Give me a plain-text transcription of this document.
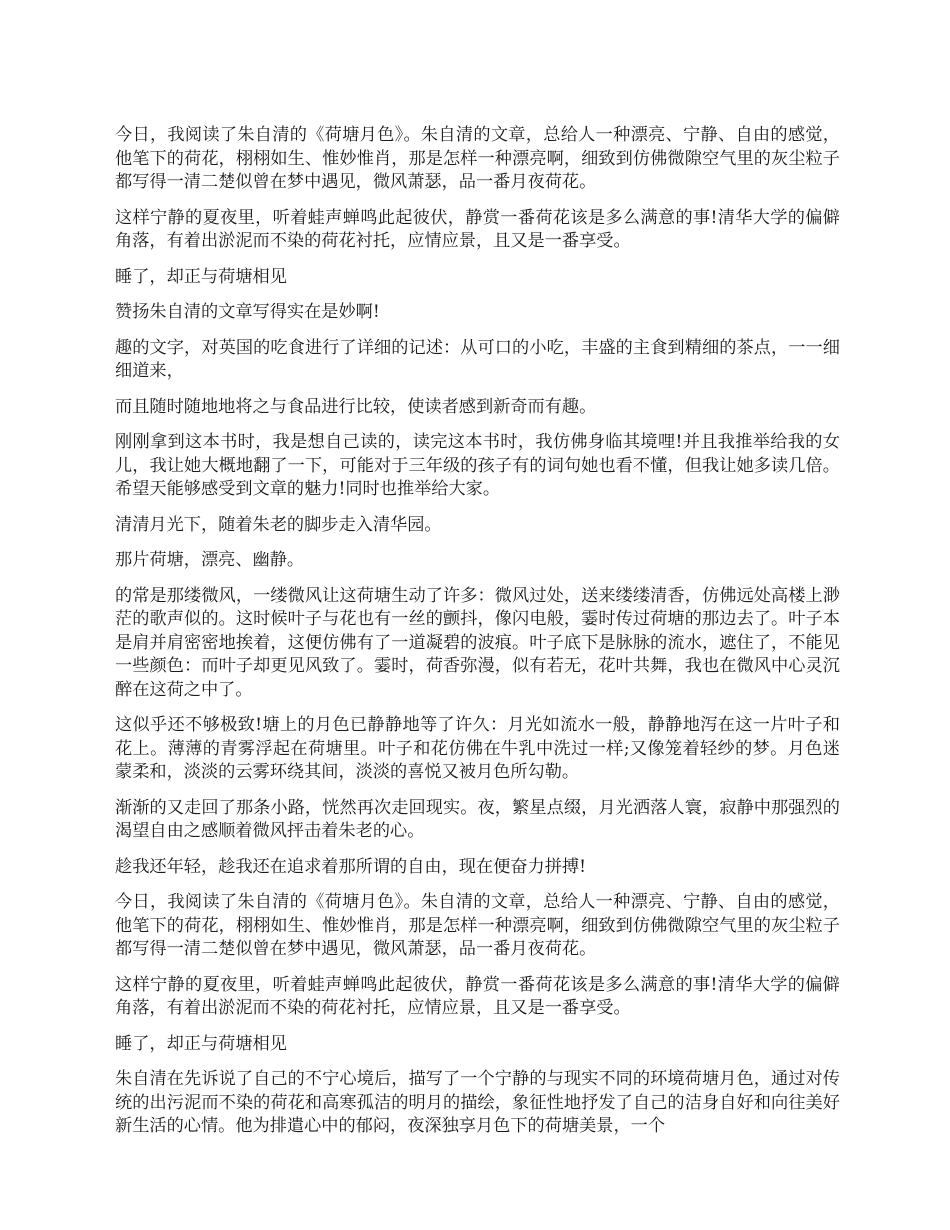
今日，我阅读了朱自清的《荷塘月色》。朱自清的文章，总给人一种漂亮、宁静、自由的感觉，他笔下的荷花，栩栩如生、惟妙惟肖，那是怎样一种漂亮啊，细致到仿佛微隙空气里的灰尘粒子都写得一清二楚似曾在梦中遇见，微风萧瑟，品一番月夜荷花。

这样宁静的夏夜里，听着蛙声蝉鸣此起彼伏，静赏一番荷花该是多么满意的事!清华大学的偏僻角落，有着出淤泥而不染的荷花衬托，应情应景，且又是一番享受。

睡了，却正与荷塘相见

赞扬朱自清的文章写得实在是妙啊!

趣的文字，对英国的吃食进行了详细的记述：从可口的小吃，丰盛的主食到精细的茶点，一一细细道来，

而且随时随地地将之与食品进行比较，使读者感到新奇而有趣。

刚刚拿到这本书时，我是想自己读的，读完这本书时，我仿佛身临其境哩!并且我推举给我的女儿，我让她大概地翻了一下，可能对于三年级的孩子有的词句她也看不懂，但我让她多读几倍。希望天能够感受到文章的魅力!同时也推举给大家。

清清月光下，随着朱老的脚步走入清华园。

那片荷塘，漂亮、幽静。

的常是那缕微风，一缕微风让这荷塘生动了许多：微风过处，送来缕缕清香，仿佛远处高楼上渺茫的歌声似的。这时候叶子与花也有一丝的颤抖，像闪电般，霎时传过荷塘的那边去了。叶子本是肩并肩密密地挨着，这便仿佛有了一道凝碧的波痕。叶子底下是脉脉的流水，遮住了，不能见一些颜色：而叶子却更见风致了。霎时，荷香弥漫，似有若无，花叶共舞，我也在微风中心灵沉醉在这荷之中了。

这似乎还不够极致!塘上的月色已静静地等了许久：月光如流水一般，静静地泻在这一片叶子和花上。薄薄的青雾浮起在荷塘里。叶子和花仿佛在牛乳中洗过一样;又像笼着轻纱的梦。月色迷蒙柔和，淡淡的云雾环绕其间，淡淡的喜悦又被月色所勾勒。

渐渐的又走回了那条小路，恍然再次走回现实。夜，繁星点缀，月光洒落人寰，寂静中那强烈的渴望自由之感顺着微风抨击着朱老的心。

趁我还年轻，趁我还在追求着那所谓的自由，现在便奋力拼搏!

今日，我阅读了朱自清的《荷塘月色》。朱自清的文章，总给人一种漂亮、宁静、自由的感觉，他笔下的荷花，栩栩如生、惟妙惟肖，那是怎样一种漂亮啊，细致到仿佛微隙空气里的灰尘粒子都写得一清二楚似曾在梦中遇见，微风萧瑟，品一番月夜荷花。

这样宁静的夏夜里，听着蛙声蝉鸣此起彼伏，静赏一番荷花该是多么满意的事!清华大学的偏僻角落，有着出淤泥而不染的荷花衬托，应情应景，且又是一番享受。

睡了，却正与荷塘相见

朱自清在先诉说了自己的不宁心境后，描写了一个宁静的与现实不同的环境荷塘月色，通过对传统的出污泥而不染的荷花和高寒孤洁的明月的描绘，象征性地抒发了自己的洁身自好和向往美好新生活的心情。他为排遣心中的郁闷，夜深独享月色下的荷塘美景，一个
